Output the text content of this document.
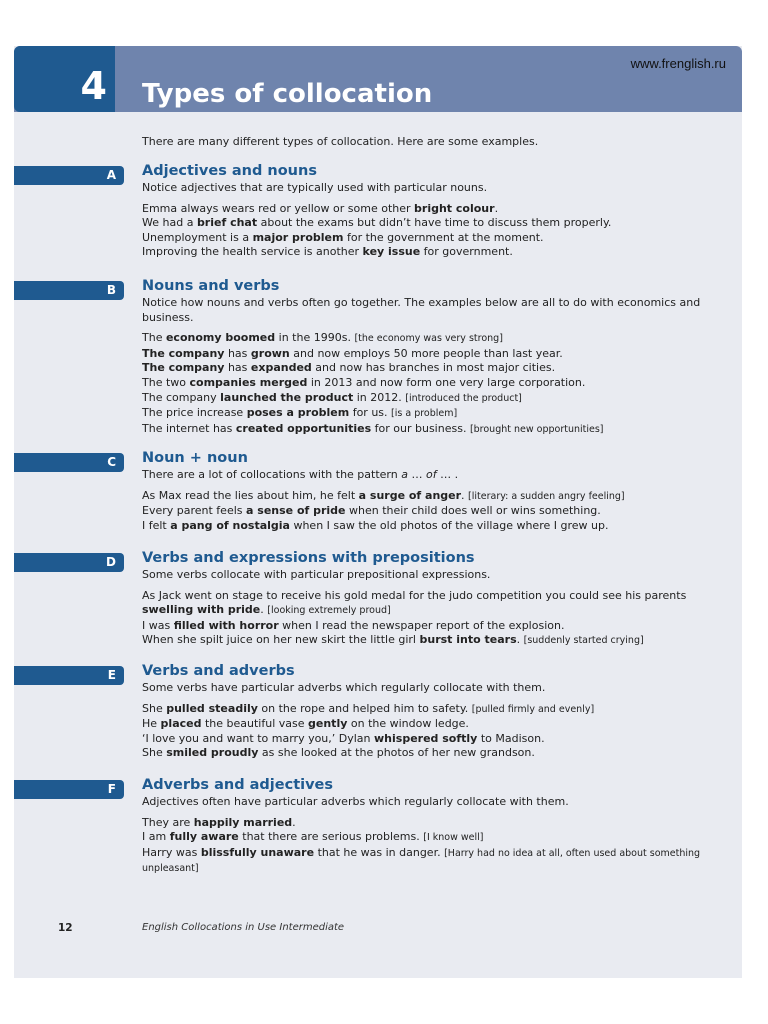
4 Types of collocation
www.frenglish.ru
There are many different types of collocation. Here are some examples.
A Adjectives and nouns
Notice adjectives that are typically used with particular nouns.
Emma always wears red or yellow or some other bright colour.
We had a brief chat about the exams but didn’t have time to discuss them properly.
Unemployment is a major problem for the government at the moment.
Improving the health service is another key issue for government.
B Nouns and verbs
Notice how nouns and verbs often go together. The examples below are all to do with economics and business.
The economy boomed in the 1990s. [the economy was very strong]
The company has grown and now employs 50 more people than last year.
The company has expanded and now has branches in most major cities.
The two companies merged in 2013 and now form one very large corporation.
The company launched the product in 2012. [introduced the product]
The price increase poses a problem for us. [is a problem]
The internet has created opportunities for our business. [brought new opportunities]
C Noun + noun
There are a lot of collocations with the pattern a … of … .
As Max read the lies about him, he felt a surge of anger. [literary: a sudden angry feeling]
Every parent feels a sense of pride when their child does well or wins something.
I felt a pang of nostalgia when I saw the old photos of the village where I grew up.
D Verbs and expressions with prepositions
Some verbs collocate with particular prepositional expressions.
As Jack went on stage to receive his gold medal for the judo competition you could see his parents
swelling with pride. [looking extremely proud]
I was filled with horror when I read the newspaper report of the explosion.
When she spilt juice on her new skirt the little girl burst into tears. [suddenly started crying]
E Verbs and adverbs
Some verbs have particular adverbs which regularly collocate with them.
She pulled steadily on the rope and helped him to safety. [pulled firmly and evenly]
He placed the beautiful vase gently on the window ledge.
‘I love you and want to marry you,’ Dylan whispered softly to Madison.
She smiled proudly as she looked at the photos of her new grandson.
F Adverbs and adjectives
Adjectives often have particular adverbs which regularly collocate with them.
They are happily married.
I am fully aware that there are serious problems. [I know well]
Harry was blissfully unaware that he was in danger. [Harry had no idea at all, often used about something
unpleasant]
12	English Collocations in Use Intermediate
